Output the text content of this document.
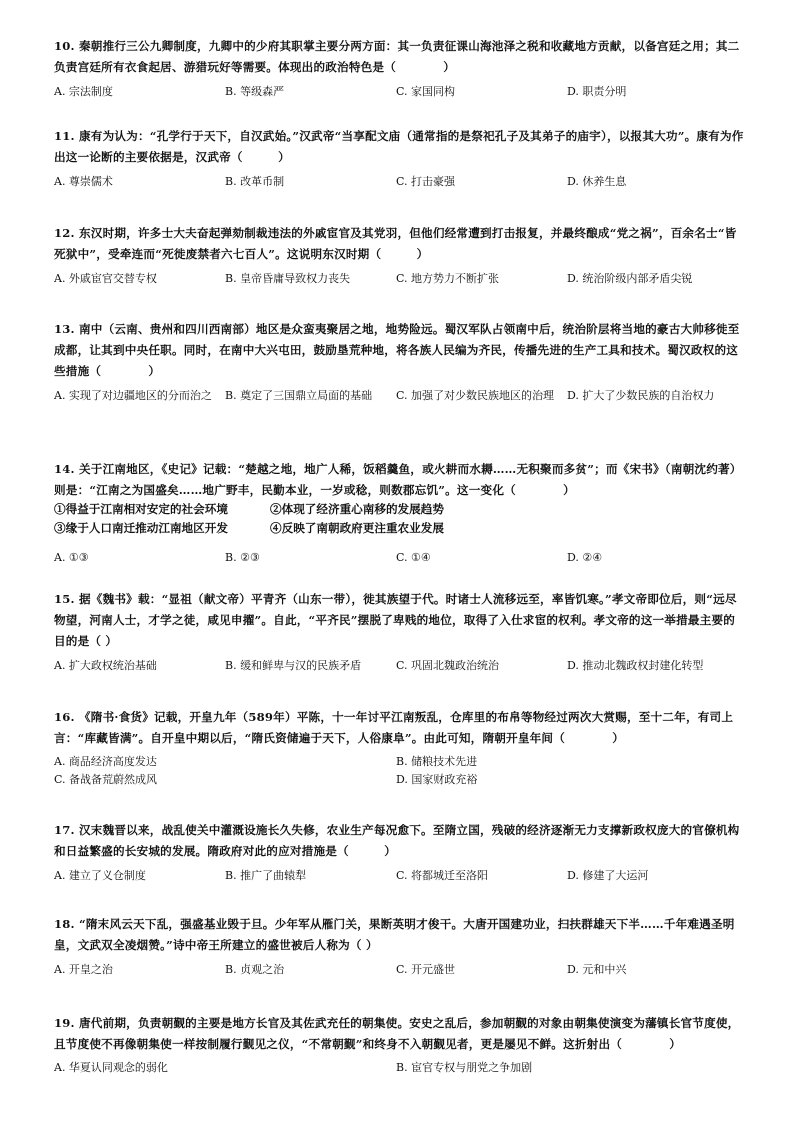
10. 秦朝推行三公九卿制度，九卿中的少府其职掌主要分两方面：其一负责征课山海池泽之税和收藏地方贡献，以备宫廷之用；其二负责宫廷所有衣食起居、游猎玩好等需要。体现出的政治特色是（　　　　）

A. 宗法制度	B. 等级森严	C. 家国同构	D. 职责分明

11. 康有为认为：“孔学行于天下，自汉武始。”汉武帝“当享配文庙（通常指的是祭祀孔子及其弟子的庙宇），以报其大功”。康有为作出这一论断的主要依据是，汉武帝（　　　）

A. 尊崇儒术	B. 改革币制	C. 打击豪强	D. 休养生息

12. 东汉时期，许多士大夫奋起弹劾制裁违法的外戚宦官及其党羽，但他们经常遭到打击报复，并最终酿成“党之祸”，百余名士“皆死狱中”，受牵连而“死徙废禁者六七百人”。这说明东汉时期（　　　）

A. 外戚宦官交替专权	B. 皇帝昏庸导致权力丧失	C. 地方势力不断扩张	D. 统治阶级内部矛盾尖锐

13. 南中（云南、贵州和四川西南部）地区是众蛮夷聚居之地，地势险远。蜀汉军队占领南中后，统治阶层将当地的豪古大帅移徙至成都，让其到中央任职。同时，在南中大兴屯田，鼓励垦荒种地，将各族人民编为齐民，传播先进的生产工具和技术。蜀汉政权的这些措施（　　　　）

A. 实现了对边疆地区的分而治之	B. 奠定了三国鼎立局面的基础	C. 加强了对少数民族地区的治理	D. 扩大了少数民族的自治权力

14. 关于江南地区，《史记》记载：“楚越之地，地广人稀，饭稻羹鱼，或火耕而水耨……无积聚而多贫”；而《宋书》（南朝沈约著）则是：“江南之为国盛矣……地广野丰，民勤本业，一岁或稔，则数郡忘饥”。这一变化（　　　　）

①得益于江南相对安定的社会环境	②体现了经济重心南移的发展趋势
③缘于人口南迁推动江南地区开发	④反映了南朝政府更注重农业发展
A. ①③	B. ②③	C. ①④	D. ②④

15. 据《魏书》载：“显祖（献文帝）平青齐（山东一带），徙其族望于代。时诸士人流移远至，率皆饥寒。”孝文帝即位后，则“远尽物望，河南人士，才学之徒，咸见申擢”。自此，“平齐民”摆脱了卑贱的地位，取得了入仕求宦的权利。孝文帝的这一举措最主要的目的是（ ）

A. 扩大政权统治基础	B. 缓和鲜卑与汉的民族矛盾	C. 巩固北魏政治统治	D. 推动北魏政权封建化转型

16. 《隋书·食货》记载，开皇九年（589年）平陈，十一年讨平江南叛乱，仓库里的布帛等物经过两次大赏赐，至十二年，有司上言：“库藏皆满”。自开皇中期以后，“隋氏资储遍于天下，人俗康阜”。由此可知，隋朝开皇年间（　　　　）

A. 商品经济高度发达	B. 储粮技术先进
C. 备战备荒蔚然成风	D. 国家财政充裕

17. 汉末魏晋以来，战乱使关中灌溉设施长久失修，农业生产每况愈下。至隋立国，残破的经济逐渐无力支撑新政权庞大的官僚机构和日益繁盛的长安城的发展。隋政府对此的应对措施是（　　　）

A. 建立了义仓制度	B. 推广了曲辕犁	C. 将都城迁至洛阳	D. 修建了大运河

18. “隋末风云天下乱，强盛基业毁于旦。少年军从雁门关，果断英明才俊干。大唐开国建功业，扫扶群雄天下半……千年难遇圣明皇，文武双全凌烟赞。”诗中帝王所建立的盛世被后人称为（ ）

A. 开皇之治	B. 贞观之治	C. 开元盛世	D. 元和中兴

19. 唐代前期，负责朝觐的主要是地方长官及其佐武充任的朝集使。安史之乱后，参加朝觐的对象由朝集使演变为藩镇长官节度使，且节度使不再像朝集使一样按制履行觐见之仪，“不常朝觐”和终身不入朝觐见者，更是屡见不鲜。这折射出（　　　　）

A. 华夏认同观念的弱化	B. 宦官专权与朋党之争加剧
